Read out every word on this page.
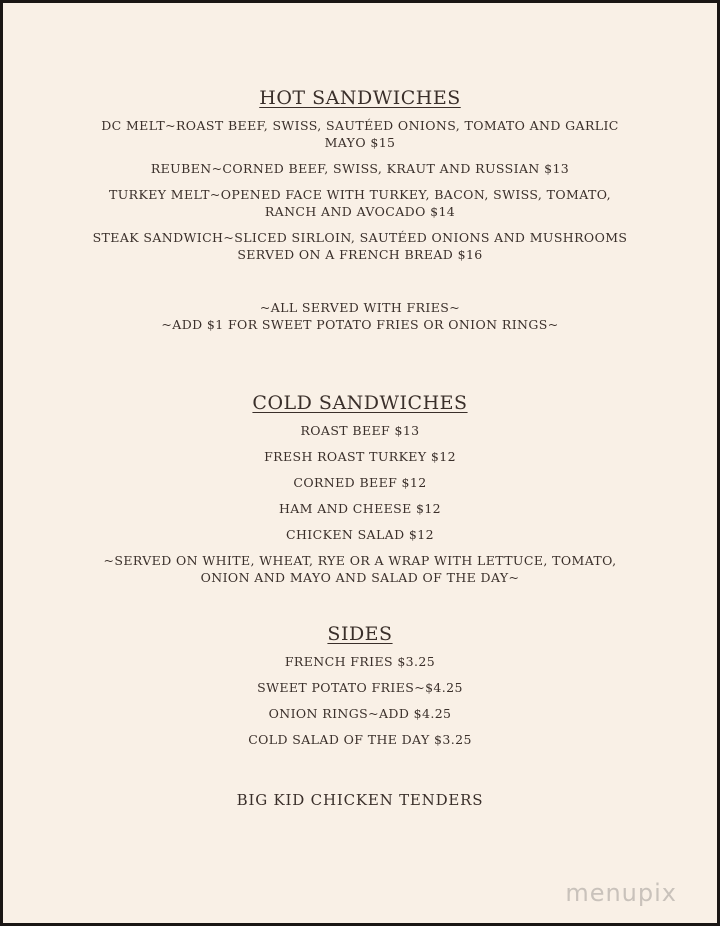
HOT SANDWICHES
DC MELT~ROAST BEEF, SWISS, SAUTÉED ONIONS, TOMATO AND GARLIC MAYO $15
REUBEN~CORNED BEEF, SWISS, KRAUT AND RUSSIAN $13
TURKEY MELT~OPENED FACE WITH TURKEY, BACON, SWISS, TOMATO, RANCH AND AVOCADO $14
STEAK SANDWICH~SLICED SIRLOIN, SAUTÉED ONIONS AND MUSHROOMS SERVED ON A FRENCH BREAD $16
~ALL SERVED WITH FRIES~
~ADD $1 FOR SWEET POTATO FRIES OR ONION RINGS~
COLD SANDWICHES
ROAST BEEF $13
FRESH ROAST TURKEY $12
CORNED BEEF $12
HAM AND CHEESE $12
CHICKEN SALAD $12
~SERVED ON WHITE, WHEAT, RYE OR A WRAP WITH LETTUCE, TOMATO, ONION AND MAYO AND SALAD OF THE DAY~
SIDES
FRENCH FRIES $3.25
SWEET POTATO FRIES~$4.25
ONION RINGS~ADD $4.25
COLD SALAD OF THE DAY $3.25
BIG KID CHICKEN TENDERS
menupix
